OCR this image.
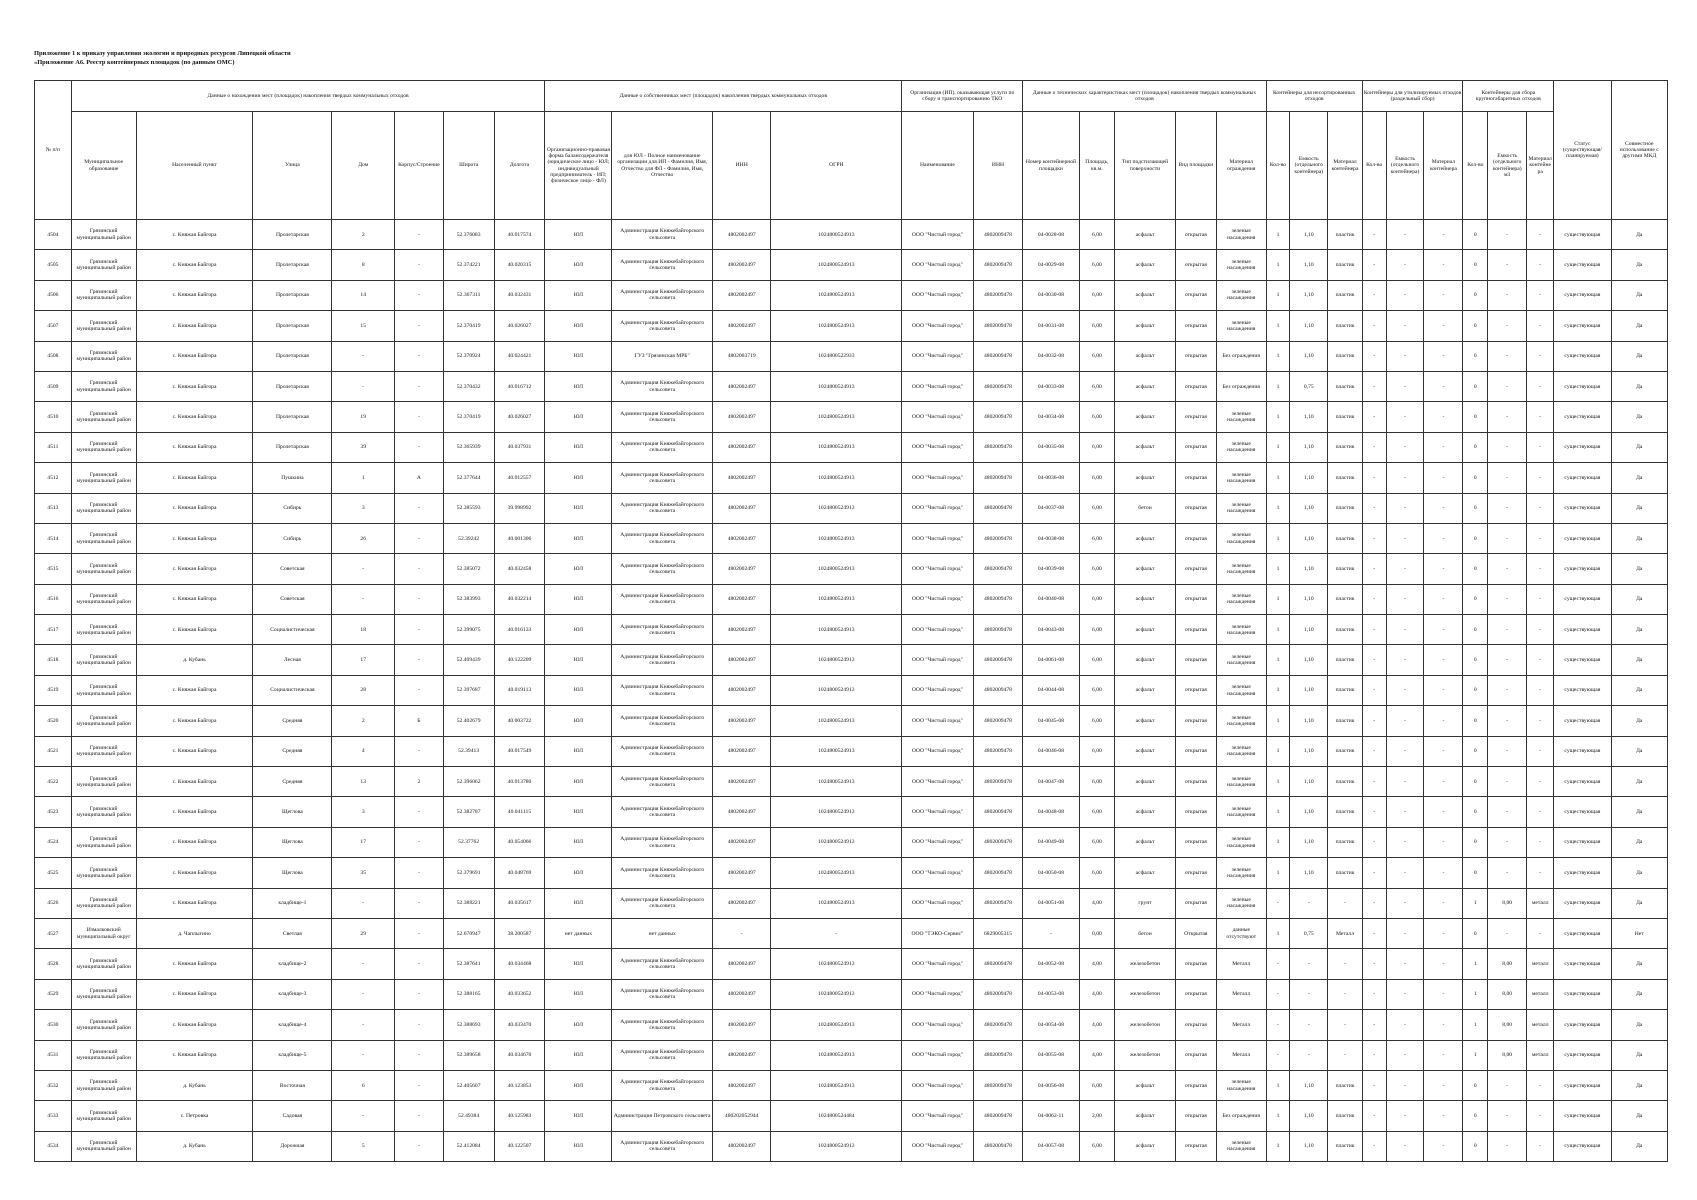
Приложение 1 к приказу управления экологии и природных ресурсов Липецкой области
«Приложение А6. Реестр контейнерных площадок (по данным ОМС)
№ п/п	Данные о нахождении мест (площадок) накопления твердых коммунальных отходов							Данные о собственниках мест (площадок) накопления твердых коммунальных отходов				Организация (ИП), оказывающая услуги по сбору и транспортированию ТКО		Данные о технических характеристиках мест (площадок) накопления твердых коммунальных отходов					Контейнеры для несортированных отходов			Контейнеры для утилизируемых отходов (раздельный сбор)			Контейнеры для сбора крупногабаритных отходов			Статус (существующая/ планируемая)	Совместное использование с другими МКД
	Муниципальное образование	Населенный пункт	Улица	Дом	Корпус/Строение	Широта	Долгота	Организационно-правовая форма балансодержателя (юридическое лицо - ЮЛ; индивидуальный предприниматель - ИП; физическое лицо - ФЛ)	для ЮЛ - Полное наименование организации для ИП - Фамилия, Имя, Отчество для ФЛ - Фамилия, Имя, Отчество	ИНН	ОГРН	Наименование	ИНН	Номер контейнерной площадки	Площадь, кв.м.	Тип подстилающей поверхности	Вид площадки	Материал ограждения	Кол-во	Емкость (отдельного контейнера)	Материал контейнера	Кол-во	Емкость (отдельного контейнера)	Материал контейнера	Кол-во	Емкость (отдельного контейнера) м3	Материал контейнера		
4504	Грязинский муниципальный район	с. Княжая Байгора	Пролетарская	2	-	52.376083	40.017574	ЮЛ	Администрация Княжебайгорского сельсовета	4802002497	1024800524913	ООО "Чистый город"	4802009478	04-0028-08	6,00	асфальт	открытая	зеленые насаждения	1	1,10	пластик	-	-	-	0	-	-	существующая	Да
4505	Грязинский муниципальный район	с. Княжая Байгора	Пролетарская	8	-	52.374221	40.020315	ЮЛ	Администрация Княжебайгорского сельсовета	4802002497	1024800524913	ООО "Чистый город"	4802009478	04-0029-08	6,00	асфальт	открытая	зеленые насаждения	1	1,10	пластик	-	-	-	0	-	-	существующая	Да
4506	Грязинский муниципальный район	с. Княжая Байгора	Пролетарская	14	-	52.367311	40.032431	ЮЛ	Администрация Княжебайгорского сельсовета	4802002497	1024800524913	ООО "Чистый город"	4802009478	04-0030-08	6,00	асфальт	открытая	зеленые насаждения	1	1,10	пластик	-	-	-	0	-	-	существующая	Да
4507	Грязинский муниципальный район	с. Княжая Байгора	Пролетарская	15	-	52.370419	40.026027	ЮЛ	Администрация Княжебайгорского сельсовета	4802002497	1024800524913	ООО "Чистый город"	4802009478	04-0031-08	6,00	асфальт	открытая	зеленые насаждения	1	1,10	пластик	-	-	-	0	-	-	существующая	Да
4508	Грязинский муниципальный район	с. Княжая Байгора	Пролетарская	-	-	52.370924	40.024421	ЮЛ	ГУЗ "Грязинская МРБ"	4802003719	1024800522933	ООО "Чистый город"	4802009478	04-0032-08	6,00	асфальт	открытая	Без ограждения	1	1,10	пластик	-	-	-	0	-	-	существующая	Да
4509	Грязинский муниципальный район	с. Княжая Байгора	Пролетарская	-	-	52.370432	40.016712	ЮЛ	Администрация Княжебайгорского сельсовета	4802002497	1024800524913	ООО "Чистый город"	4802009478	04-0033-08	6,00	асфальт	открытая	Без ограждения	1	0,75	пластик	-	-	-	0	-	-	существующая	Да
4510	Грязинский муниципальный район	с. Княжая Байгора	Пролетарская	19	-	52.370419	40.026027	ЮЛ	Администрация Княжебайгорского сельсовета	4802002497	1024800524913	ООО "Чистый город"	4802009478	04-0034-08	6,00	асфальт	открытая	зеленые насаждения	1	1,10	пластик	-	-	-	0	-	-	существующая	Да
4511	Грязинский муниципальный район	с. Княжая Байгора	Пролетарская	39	-	52.365939	40.037931	ЮЛ	Администрация Княжебайгорского сельсовета	4802002497	1024800524913	ООО "Чистый город"	4802009478	04-0035-08	6,00	асфальт	открытая	зеленые насаждения	1	1,10	пластик	-	-	-	0	-	-	существующая	Да
4512	Грязинский муниципальный район	с. Княжая Байгора	Пушкина	1	А	52.377644	40.012557	ЮЛ	Администрация Княжебайгорского сельсовета	4802002497	1024800524913	ООО "Чистый город"	4802009478	04-0036-08	6,00	асфальт	открытая	зеленые насаждения	1	1,10	пластик	-	-	-	0	-	-	существующая	Да
4513	Грязинский муниципальный район	с. Княжая Байгора	Сибирь	3	-	52.385593	39.998992	ЮЛ	Администрация Княжебайгорского сельсовета	4802002497	1024800524913	ООО "Чистый город"	4802009478	04-0037-08	6,00	бетон	открытая	зеленые насаждения	1	1,10	пластик	-	-	-	0	-	-	существующая	Да
4514	Грязинский муниципальный район	с. Княжая Байгора	Сибирь	26	-	52.39242	40.001306	ЮЛ	Администрация Княжебайгорского сельсовета	4802002497	1024800524913	ООО "Чистый город"	4802009478	04-0038-08	6,00	асфальт	открытая	зеленые насаждения	1	1,10	пластик	-	-	-	0	-	-	существующая	Да
4515	Грязинский муниципальный район	с. Княжая Байгора	Советская	-	-	52.385072	40.032458	ЮЛ	Администрация Княжебайгорского сельсовета	4802002497	1024800524913	ООО "Чистый город"	4802009478	04-0039-08	6,00	асфальт	открытая	зеленые насаждения	1	1,10	пластик	-	-	-	0	-	-	существующая	Да
4516	Грязинский муниципальный район	с. Княжая Байгора	Советская	-	-	52.383993	40.032214	ЮЛ	Администрация Княжебайгорского сельсовета	4802002497	1024800524913	ООО "Чистый город"	4802009478	04-0040-08	6,00	асфальт	открытая	зеленые насаждения	1	1,10	пластик	-	-	-	0	-	-	существующая	Да
4517	Грязинский муниципальный район	с. Княжая Байгора	Социалистическая	18	-	52.399075	40.016133	ЮЛ	Администрация Княжебайгорского сельсовета	4802002497	1024800524913	ООО "Чистый город"	4802009478	04-0043-08	6,00	асфальт	открытая	зеленые насаждения	1	1,10	пластик	-	-	-	0	-	-	существующая	Да
4518	Грязинский муниципальный район	д. Кубань	Лесная	17	-	52.409439	40.122209	ЮЛ	Администрация Княжебайгорского сельсовета	4802002497	1024800524913	ООО "Чистый город"	4802009478	04-0061-08	6,00	асфальт	открытая	зеленые насаждения	1	1,10	пластик	-	-	-	0	-	-	существующая	Да
4519	Грязинский муниципальный район	с. Княжая Байгора	Социалистическая	28	-	52.397687	40.019113	ЮЛ	Администрация Княжебайгорского сельсовета	4802002497	1024800524913	ООО "Чистый город"	4802009478	04-0044-08	6,00	асфальт	открытая	зеленые насаждения	1	1,10	пластик	-	-	-	0	-	-	существующая	Да
4520	Грязинский муниципальный район	с. Княжая Байгора	Средняя	2	Б	52.402679	40.003722	ЮЛ	Администрация Княжебайгорского сельсовета	4802002497	1024800524913	ООО "Чистый город"	4802009478	04-0045-08	6,00	асфальт	открытая	зеленые насаждения	1	1,10	пластик	-	-	-	0	-	-	существующая	Да
4521	Грязинский муниципальный район	с. Княжая Байгора	Средняя	4	-	52.39413	40.017549	ЮЛ	Администрация Княжебайгорского сельсовета	4802002497	1024800524913	ООО "Чистый город"	4802009478	04-0046-08	6,00	асфальт	открытая	зеленые насаждения	1	1,10	пластик	-	-	-	0	-	-	существующая	Да
4522	Грязинский муниципальный район	с. Княжая Байгора	Средняя	13	2	52.396062	40.013780	ЮЛ	Администрация Княжебайгорского сельсовета	4802002497	1024800524913	ООО "Чистый город"	4802009478	04-0047-08	6,00	асфальт	открытая	зеленые насаждения	1	1,10	пластик	-	-	-	0	-	-	существующая	Да
4523	Грязинский муниципальный район	с. Княжая Байгора	Щеглова	3	-	52.382787	40.041115	ЮЛ	Администрация Княжебайгорского сельсовета	4802002497	1024800524913	ООО "Чистый город"	4802009478	04-0048-08	6,00	асфальт	открытая	зеленые насаждения	1	1,10	пластик	-	-	-	0	-	-	существующая	Да
4524	Грязинский муниципальный район	с. Княжая Байгора	Щеглова	17	-	52.37762	40.054066	ЮЛ	Администрация Княжебайгорского сельсовета	4802002497	1024800524913	ООО "Чистый город"	4802009478	04-0049-08	6,00	асфальт	открытая	зеленые насаждения	1	1,10	пластик	-	-	-	0	-	-	существующая	Да
4525	Грязинский муниципальный район	с. Княжая Байгора	Щеглова	35	-	52.379691	40.048769	ЮЛ	Администрация Княжебайгорского сельсовета	4802002497	1024800524913	ООО "Чистый город"	4802009478	04-0050-08	6,00	асфальт	открытая	зеленые насаждения	1	1,10	пластик	-	-	-	0	-	-	существующая	Да
4526	Грязинский муниципальный район	с. Княжая Байгора	кладбище-1	-	-	52.388221	40.035617	ЮЛ	Администрация Княжебайгорского сельсовета	4802002497	1024800524913	ООО "Чистый город"	4802009478	04-0051-08	4,00	грунт	открытая	зеленые насаждения	-	-	-	-	-	-	1	8,00	металл	существующая	Да
4527	Измалковский муниципальный округ	д. Чаплыгино	Светлая	29	-	52.670947	38.200587	нет данных	нет данных	-	-	ООО "ТЭКО-Сервис"	6829005315	-	0,00	бетон	Открытая	данные отсутствуют	1	0,75	Металл	-	-	-	0	-	-	существующая	Нет
4528	Грязинский муниципальный район	с. Княжая Байгора	кладбище-2	-	-	52.387641	40.034468	ЮЛ	Администрация Княжебайгорского сельсовета	4802002497	1024800524913	ООО "Чистый город"	4802009478	04-0052-08	4,00	железобетон	открытая	Металл	-	-	-	-	-	-	1	8,00	металл	существующая	Да
4529	Грязинский муниципальный район	с. Княжая Байгора	кладбище-3	-	-	52.388165	40.033652	ЮЛ	Администрация Княжебайгорского сельсовета	4802002497	1024800524913	ООО "Чистый город"	4802009478	04-0053-08	4,00	железобетон	открытая	Металл	-	-	-	-	-	-	1	8,00	металл	существующая	Да
4530	Грязинский муниципальный район	с. Княжая Байгора	кладбище-4	-	-	52.388693	40.033470	ЮЛ	Администрация Княжебайгорского сельсовета	4802002497	1024800524913	ООО "Чистый город"	4802009478	04-0054-08	4,00	железобетон	открытая	Металл	-	-	-	-	-	-	1	8,00	металл	существующая	Да
4531	Грязинский муниципальный район	с. Княжая Байгора	кладбище-5	-	-	52.389658	40.034670	ЮЛ	Администрация Княжебайгорского сельсовета	4802002497	1024800524913	ООО "Чистый город"	4802009478	04-0055-08	4,00	железобетон	открытая	Металл	-	-	-	-	-	-	1	8,00	металл	существующая	Да
4532	Грязинский муниципальный район	д. Кубань	Восточная	6	-	52.405607	40.123853	ЮЛ	Администрация Княжебайгорского сельсовета	4802002497	1024800524913	ООО "Чистый город"	4802009478	04-0056-08	6,00	асфальт	открытая	зеленые насаждения	1	1,10	пластик	-	-	-	0	-	-	существующая	Да
4533	Грязинский муниципальный район	с. Петровка	Садовая	-	-	52.49384	40.125983	ЮЛ	Администрация Петровского сельсовета	480202052944	1024800524484	ООО "Чистый город"	4802009478	04-0062-11	2,00	асфальт	открытая	Без ограждения	1	1,10	пластик	-	-	-	0	-	-	существующая	Да
4534	Грязинский муниципальный район	д. Кубань	Дорожная	5	-	52.412084	40.122507	ЮЛ	Администрация Княжебайгорского сельсовета	4802002497	1024800524913	ООО "Чистый город"	4802009478	04-0057-08	6,00	асфальт	открытая	зеленые насаждения	1	1,10	пластик	-	-	-	0	-	-	существующая	Да
